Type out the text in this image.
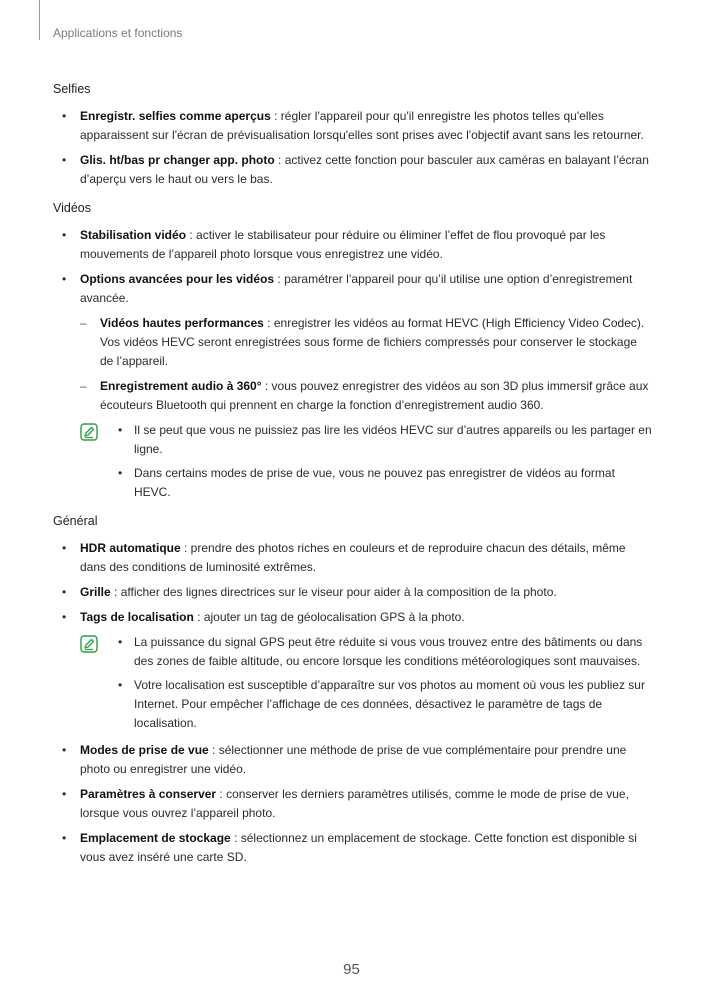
Applications et fonctions
Selfies
• Enregistr. selfies comme aperçus : régler l'appareil pour qu'il enregistre les photos telles qu'elles apparaissent sur l'écran de prévisualisation lorsqu'elles sont prises avec l'objectif avant sans les retourner.
• Glis. ht/bas pr changer app. photo : activez cette fonction pour basculer aux caméras en balayant l’écran d’aperçu vers le haut ou vers le bas.
Vidéos
• Stabilisation vidéo : activer le stabilisateur pour réduire ou éliminer l’effet de flou provoqué par les mouvements de l’appareil photo lorsque vous enregistrez une vidéo.
• Options avancées pour les vidéos : paramétrer l’appareil pour qu’il utilise une option d’enregistrement avancée.
– Vidéos hautes performances : enregistrer les vidéos au format HEVC (High Efficiency Video Codec). Vos vidéos HEVC seront enregistrées sous forme de fichiers compressés pour conserver le stockage de l’appareil.
– Enregistrement audio à 360° : vous pouvez enregistrer des vidéos au son 3D plus immersif grâce aux écouteurs Bluetooth qui prennent en charge la fonction d’enregistrement audio 360.
• Il se peut que vous ne puissiez pas lire les vidéos HEVC sur d’autres appareils ou les partager en ligne.
• Dans certains modes de prise de vue, vous ne pouvez pas enregistrer de vidéos au format HEVC.
Général
• HDR automatique : prendre des photos riches en couleurs et de reproduire chacun des détails, même dans des conditions de luminosité extrêmes.
• Grille : afficher des lignes directrices sur le viseur pour aider à la composition de la photo.
• Tags de localisation : ajouter un tag de géolocalisation GPS à la photo.
• La puissance du signal GPS peut être réduite si vous vous trouvez entre des bâtiments ou dans des zones de faible altitude, ou encore lorsque les conditions météorologiques sont mauvaises.
• Votre localisation est susceptible d’apparaître sur vos photos au moment où vous les publiez sur Internet. Pour empêcher l’affichage de ces données, désactivez le paramètre de tags de localisation.
• Modes de prise de vue : sélectionner une méthode de prise de vue complémentaire pour prendre une photo ou enregistrer une vidéo.
• Paramètres à conserver : conserver les derniers paramètres utilisés, comme le mode de prise de vue, lorsque vous ouvrez l’appareil photo.
• Emplacement de stockage : sélectionnez un emplacement de stockage. Cette fonction est disponible si vous avez inséré une carte SD.
95
